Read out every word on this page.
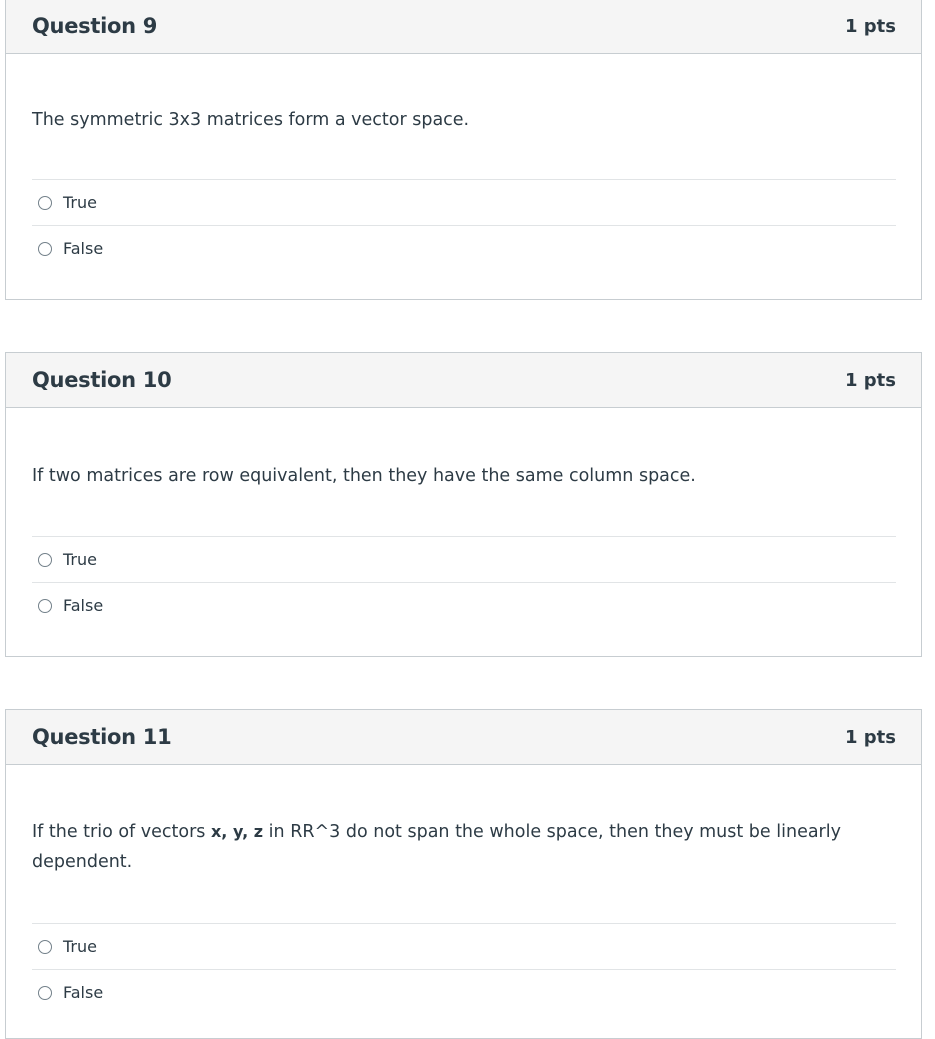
Question 9	1 pts

The symmetric 3x3 matrices form a vector space.

True
False
Question 10	1 pts

If two matrices are row equivalent, then they have the same column space.

True
False
Question 11	1 pts

If the trio of vectors x, y, z in RR^3 do not span the whole space, then they must be linearly dependent.

True
False
